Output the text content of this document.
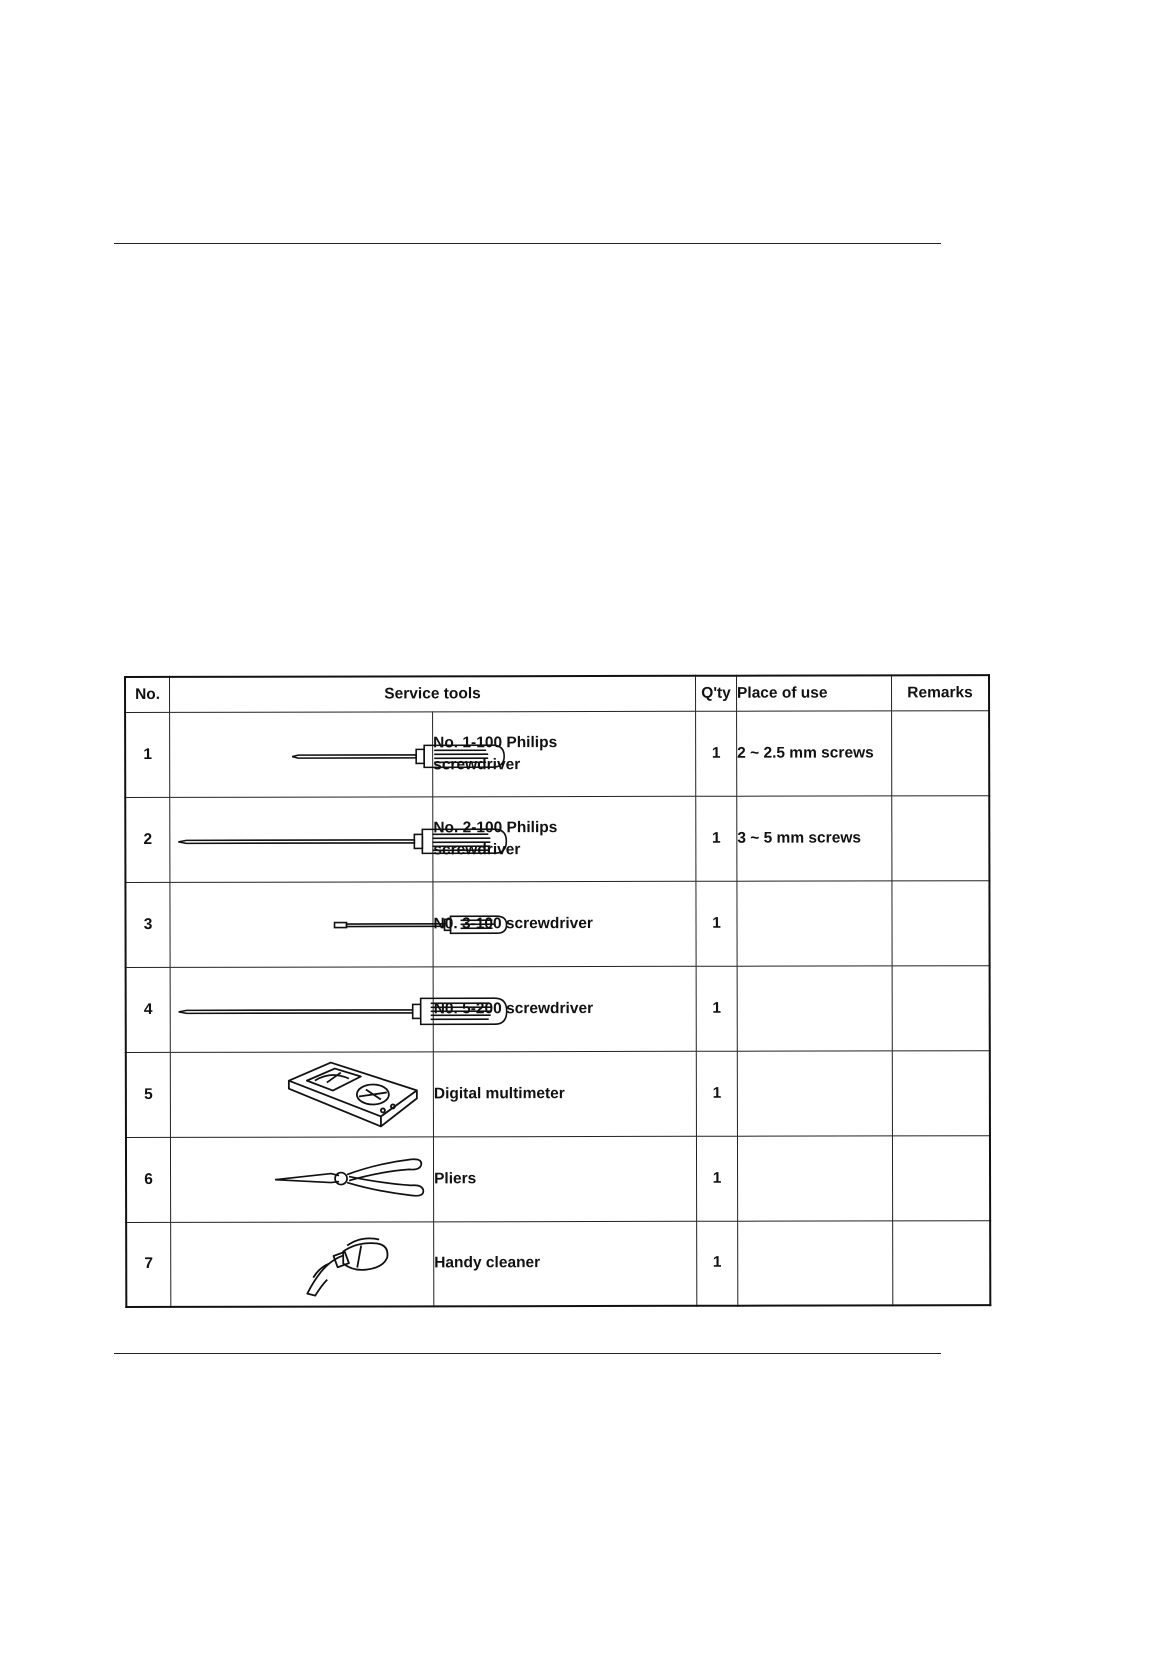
No.	Service tools		Q'ty	Place of use	Remarks
1		No. 1-100 Philips
screwdriver	1	2 ~ 2.5 mm screws	
2		No. 2-100 Philips
screwdriver	1	3 ~ 5 mm screws	
3		N0. 3-100 screwdriver	1		
4		N0. 5-200 screwdriver	1		
5		Digital multimeter	1		
6		Pliers	1		
7		Handy cleaner	1		
